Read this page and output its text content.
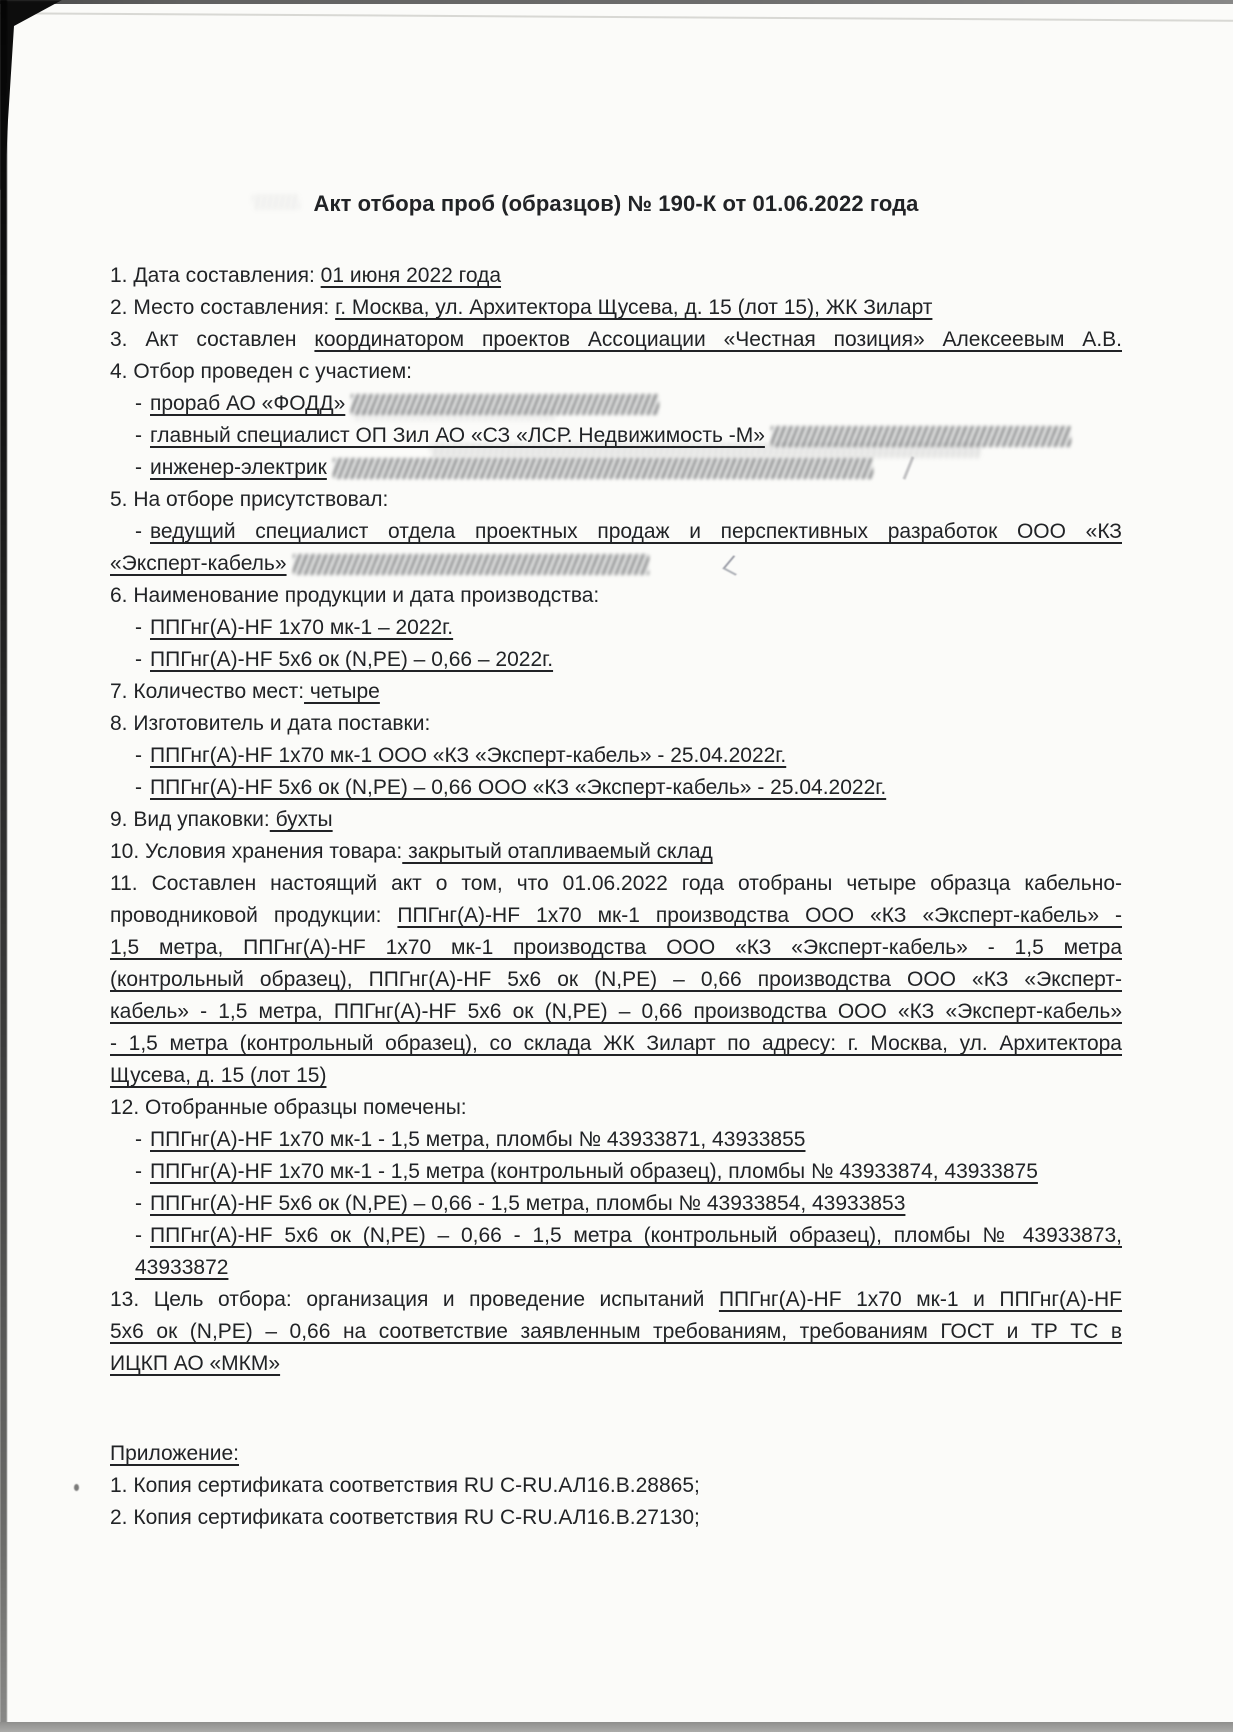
Акт отбора проб (образцов) № 190-К от 01.06.2022 года
1. Дата составления: 01 июня 2022 года
2. Место составления: г. Москва, ул. Архитектора Щусева, д. 15 (лот 15), ЖК Зиларт
3. Акт составлен координатором проектов Ассоциации «Честная позиция» Алексеевым А.В.
4. Отбор проведен с участием:
- прораб АО «ФОДД»
- главный специалист ОП Зил АО «СЗ «ЛСР. Недвижимость -М»
- инженер-электрик
5. На отборе присутствовал:
- ведущий специалист отдела проектных продаж и перспективных разработок ООО «КЗ
«Эксперт-кабель»
6. Наименование продукции и дата производства:
- ППГнг(А)-HF 1х70 мк-1 – 2022г.
- ППГнг(А)-HF 5х6 ок (N,PE) – 0,66 – 2022г.
7. Количество мест: четыре
8. Изготовитель и дата поставки:
- ППГнг(А)-HF 1х70 мк-1 ООО «КЗ «Эксперт-кабель» - 25.04.2022г.
- ППГнг(А)-HF 5х6 ок (N,PE) – 0,66 ООО «КЗ «Эксперт-кабель» - 25.04.2022г.
9. Вид упаковки: бухты
10. Условия хранения товара: закрытый отапливаемый склад
11. Составлен настоящий акт о том, что 01.06.2022 года отобраны четыре образца кабельно-
проводниковой продукции: ППГнг(А)-HF 1х70 мк-1 производства ООО «КЗ «Эксперт-кабель» -
1,5 метра, ППГнг(А)-HF 1х70 мк-1 производства ООО «КЗ «Эксперт-кабель» - 1,5 метра
(контрольный образец), ППГнг(А)-HF 5х6 ок (N,PE) – 0,66 производства ООО «КЗ «Эксперт-
кабель» - 1,5 метра, ППГнг(А)-HF 5х6 ок (N,PE) – 0,66 производства ООО «КЗ «Эксперт-кабель»
- 1,5 метра (контрольный образец), со склада ЖК Зиларт по адресу: г. Москва, ул. Архитектора
Щусева, д. 15 (лот 15)
12. Отобранные образцы помечены:
- ППГнг(А)-HF 1х70 мк-1 - 1,5 метра, пломбы № 43933871, 43933855
- ППГнг(А)-HF 1х70 мк-1 - 1,5 метра (контрольный образец), пломбы № 43933874, 43933875
- ППГнг(А)-HF 5х6 ок (N,PE) – 0,66 - 1,5 метра, пломбы № 43933854, 43933853
- ППГнг(А)-HF 5х6 ок (N,PE) – 0,66 - 1,5 метра (контрольный образец), пломбы № 43933873,
43933872
13. Цель отбора: организация и проведение испытаний ППГнг(А)-HF 1х70 мк-1 и ППГнг(А)-HF
5х6 ок (N,PE) – 0,66 на соответствие заявленным требованиям, требованиям ГОСТ и ТР ТС в
ИЦКП АО «МКМ»
Приложение:
1. Копия сертификата соответствия RU C-RU.АЛ16.В.28865;
2. Копия сертификата соответствия RU C-RU.АЛ16.В.27130;
